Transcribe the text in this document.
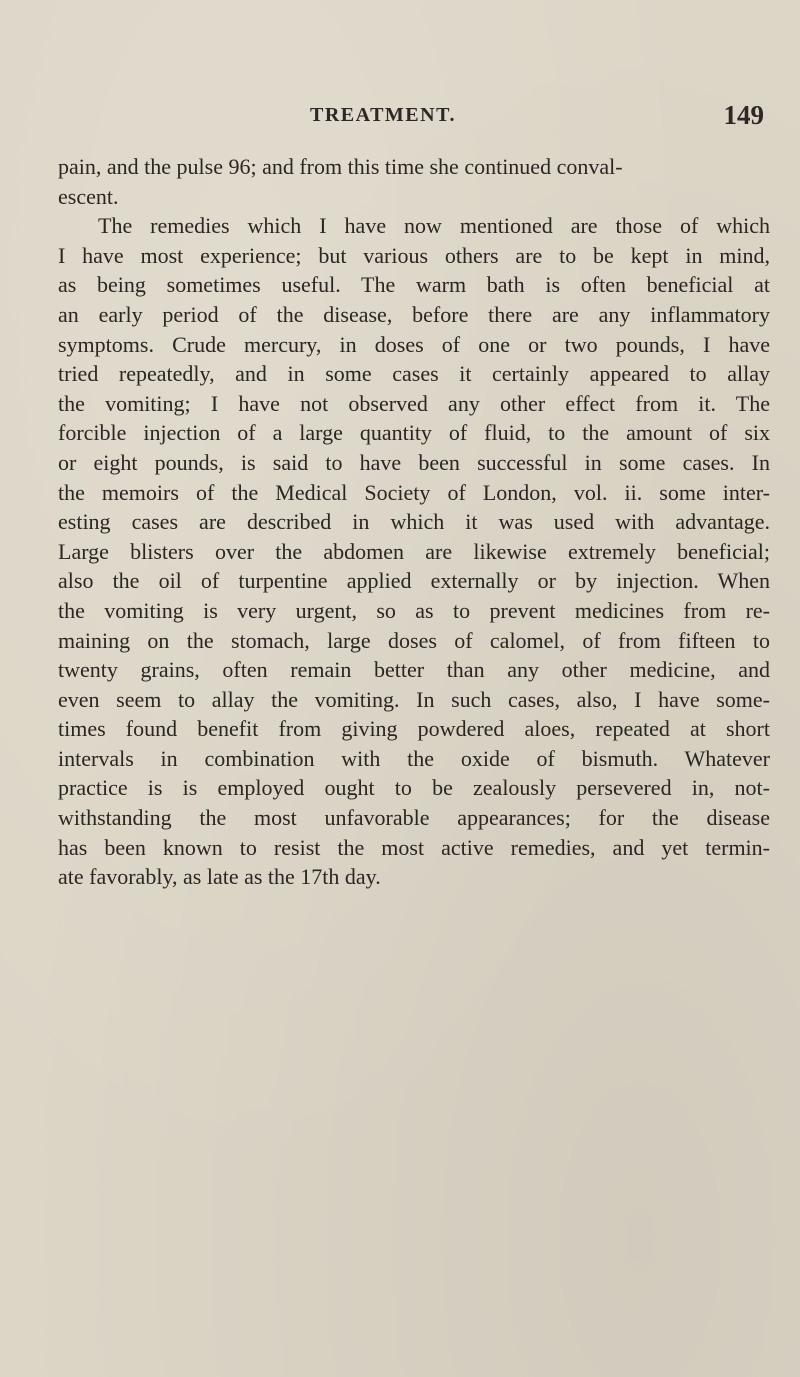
TREATMENT.	149
pain, and the pulse 96; and from this time she continued conval-
escent.
The remedies which I have now mentioned are those of which
I have most experience; but various others are to be kept in mind,
as being sometimes useful. The warm bath is often beneficial at
an early period of the disease, before there are any inflammatory
symptoms. Crude mercury, in doses of one or two pounds, I have
tried repeatedly, and in some cases it certainly appeared to allay
the vomiting; I have not observed any other effect from it. The
forcible injection of a large quantity of fluid, to the amount of six
or eight pounds, is said to have been successful in some cases. In
the memoirs of the Medical Society of London, vol. ii. some inter-
esting cases are described in which it was used with advantage.
Large blisters over the abdomen are likewise extremely beneficial;
also the oil of turpentine applied externally or by injection. When
the vomiting is very urgent, so as to prevent medicines from re-
maining on the stomach, large doses of calomel, of from fifteen to
twenty grains, often remain better than any other medicine, and
even seem to allay the vomiting. In such cases, also, I have some-
times found benefit from giving powdered aloes, repeated at short
intervals in combination with the oxide of bismuth. Whatever
practice is is employed ought to be zealously persevered in, not-
withstanding the most unfavorable appearances; for the disease
has been known to resist the most active remedies, and yet termin-
ate favorably, as late as the 17th day.
